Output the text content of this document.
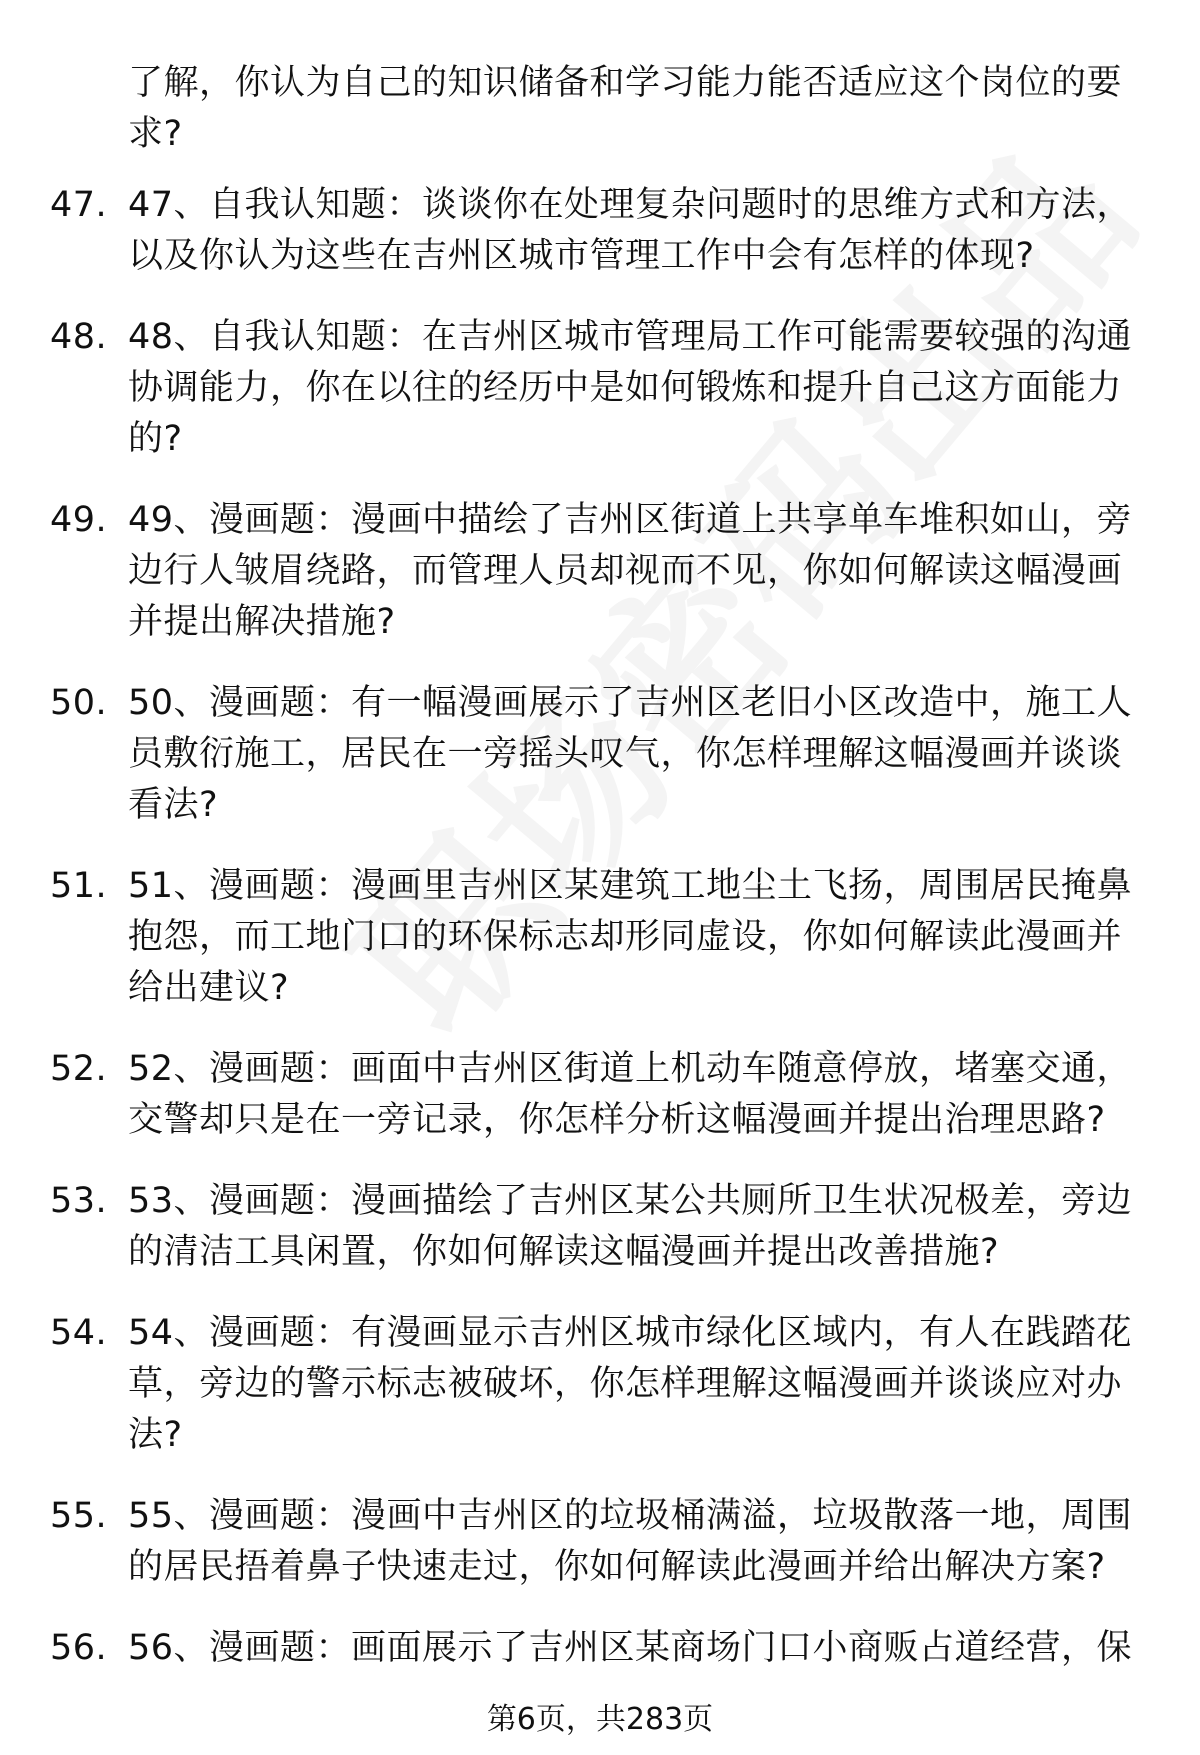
了解，你认为自己的知识储备和学习能力能否适应这个岗位的要求?
47. 47、自我认知题：谈谈你在处理复杂问题时的思维方式和方法，以及你认为这些在吉州区城市管理工作中会有怎样的体现?
48. 48、自我认知题：在吉州区城市管理局工作可能需要较强的沟通协调能力，你在以往的经历中是如何锻炼和提升自己这方面能力的?
49. 49、漫画题：漫画中描绘了吉州区街道上共享单车堆积如山，旁边行人皱眉绕路，而管理人员却视而不见，你如何解读这幅漫画并提出解决措施?
50. 50、漫画题：有一幅漫画展示了吉州区老旧小区改造中，施工人员敷衍施工，居民在一旁摇头叹气，你怎样理解这幅漫画并谈谈看法?
51. 51、漫画题：漫画里吉州区某建筑工地尘土飞扬，周围居民掩鼻抱怨，而工地门口的环保标志却形同虚设，你如何解读此漫画并给出建议?
52. 52、漫画题：画面中吉州区街道上机动车随意停放，堵塞交通，交警却只是在一旁记录，你怎样分析这幅漫画并提出治理思路?
53. 53、漫画题：漫画描绘了吉州区某公共厕所卫生状况极差，旁边的清洁工具闲置，你如何解读这幅漫画并提出改善措施?
54. 54、漫画题：有漫画显示吉州区城市绿化区域内，有人在践踏花草，旁边的警示标志被破坏，你怎样理解这幅漫画并谈谈应对办法?
55. 55、漫画题：漫画中吉州区的垃圾桶满溢，垃圾散落一地，周围的居民捂着鼻子快速走过，你如何解读此漫画并给出解决方案?
56. 56、漫画题：画面展示了吉州区某商场门口小商贩占道经营，保
第6页，共283页
